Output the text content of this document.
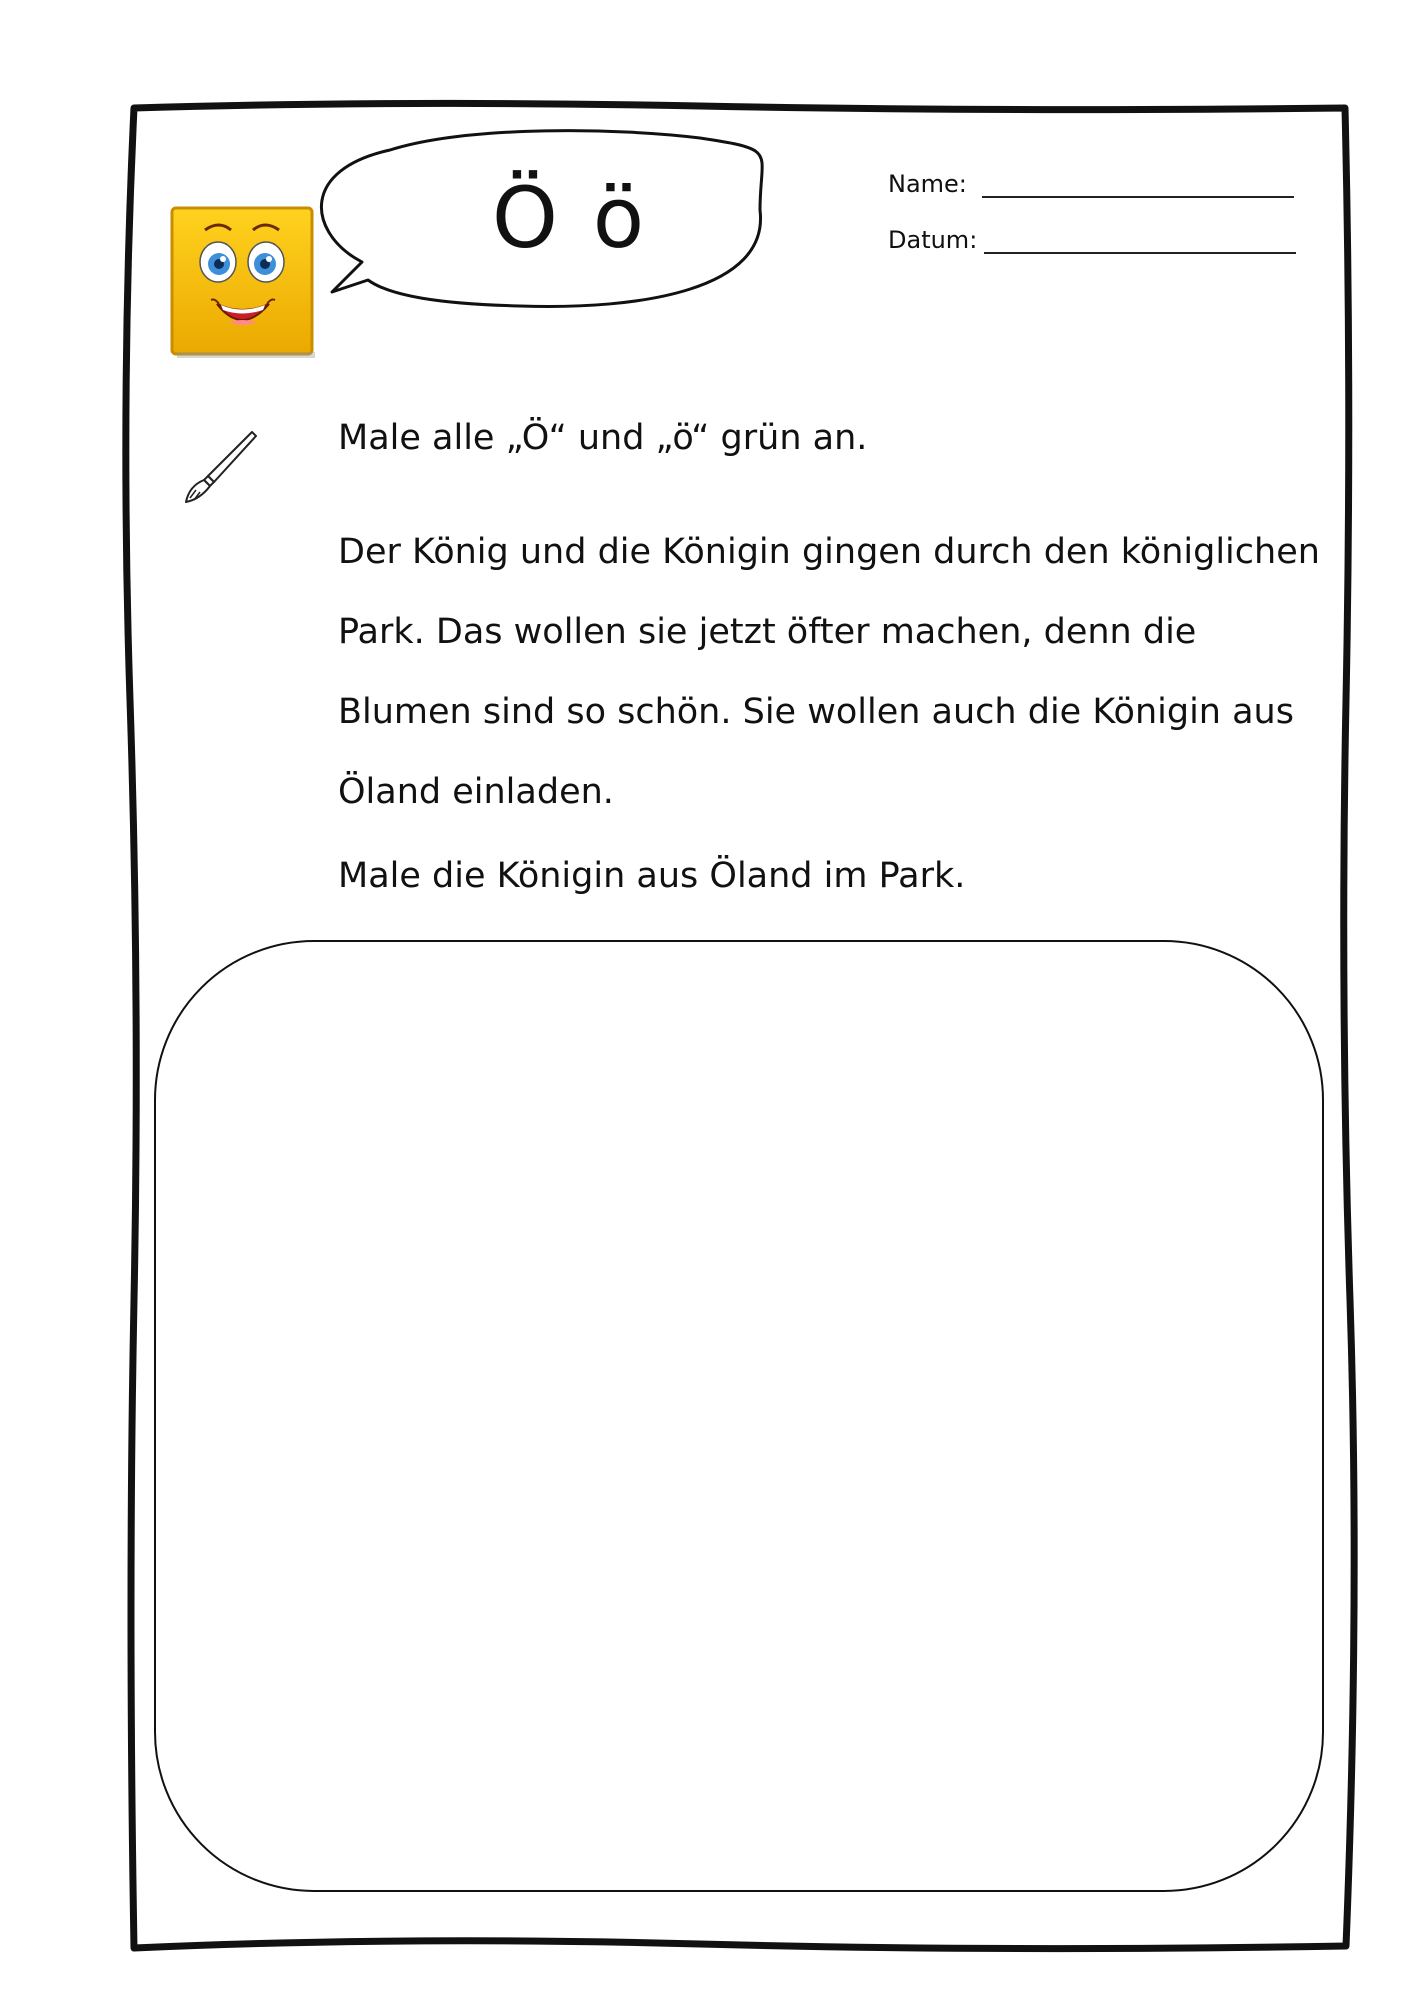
Ö ö	Name:
Datum:
Male alle „Ö“ und „ö“ grün an.
Der König und die Königin gingen durch den königlichen
Park. Das wollen sie jetzt öfter machen, denn die
Blumen sind so schön. Sie wollen auch die Königin aus
Öland einladen.
Male die Königin aus Öland im Park.
